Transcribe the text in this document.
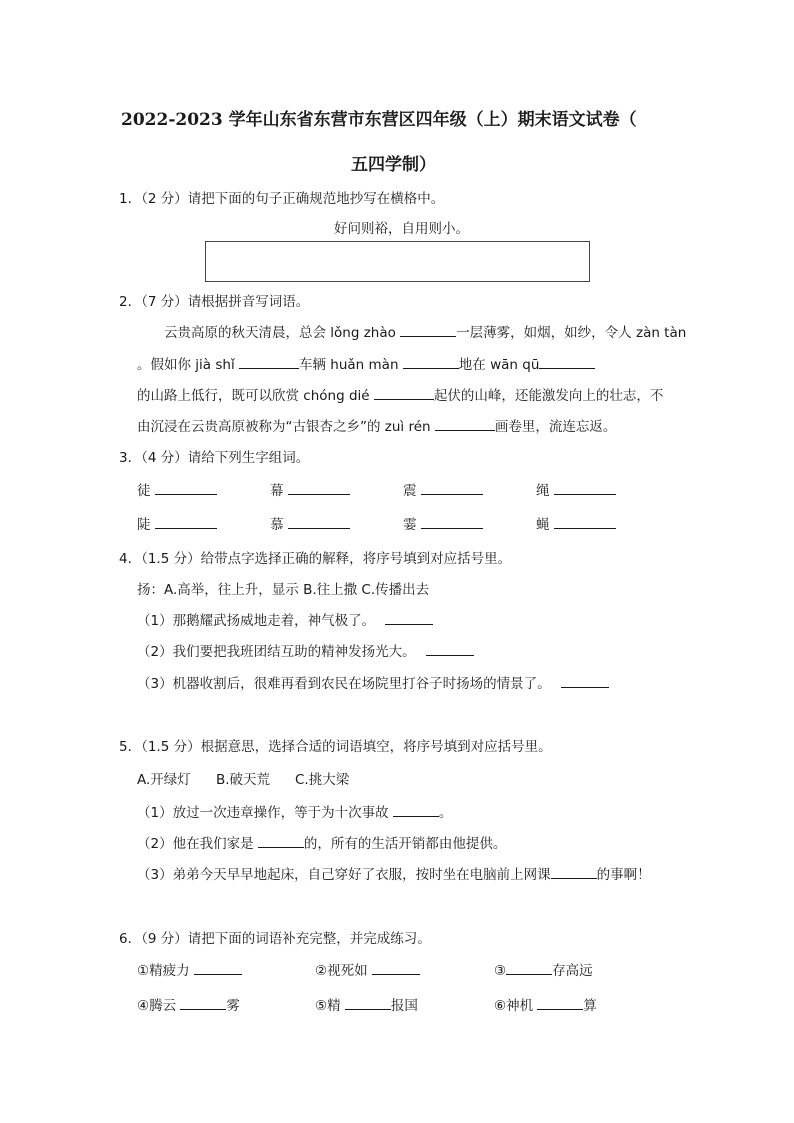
2022-2023 学年山东省东营市东营区四年级（上）期末语文试卷（
五四学制）
1．（2 分）请把下面的句子正确规范地抄写在横格中。
好问则裕，自用则小。
2．（7 分）请根据拼音写词语。
云贵高原的秋天清晨，总会 lǒng zhào	一层薄雾，如烟，如纱，令人 zàn tàn
。假如你 jià shǐ	车辆 huǎn màn	地在 wān qū
的山路上低行，既可以欣赏 chóng dié	起伏的山峰，还能激发向上的壮志，不
由沉浸在云贵高原被称为“古银杏之乡”的 zuì rén	画卷里，流连忘返。
3．（4 分）请给下列生字组词。
徒	幕	震	绳
陡	慕	霎	蝇
4．（1.5 分）给带点字选择正确的解释，将序号填到对应括号里。
扬：A.高举，往上升，显示 B.往上撒 C.传播出去
（1）那鹅耀武扬威地走着，神气极了。
（2）我们要把我班团结互助的精神发扬光大。
（3）机器收割后，很难再看到农民在场院里打谷子时扬场的情景了。
5．（1.5 分）根据意思，选择合适的词语填空，将序号填到对应括号里。
A.开绿灯 B.破天荒 C.挑大梁
（1）放过一次违章操作，等于为十次事故	。
（2）他在我们家是	的，所有的生活开销都由他提供。
（3）弟弟今天早早地起床，自己穿好了衣服，按时坐在电脑前上网课	的事啊！
6．（9 分）请把下面的词语补充完整，并完成练习。
①精疲力	②视死如	③	存高远
④腾云	雾	⑤精	报国	⑥神机	算
